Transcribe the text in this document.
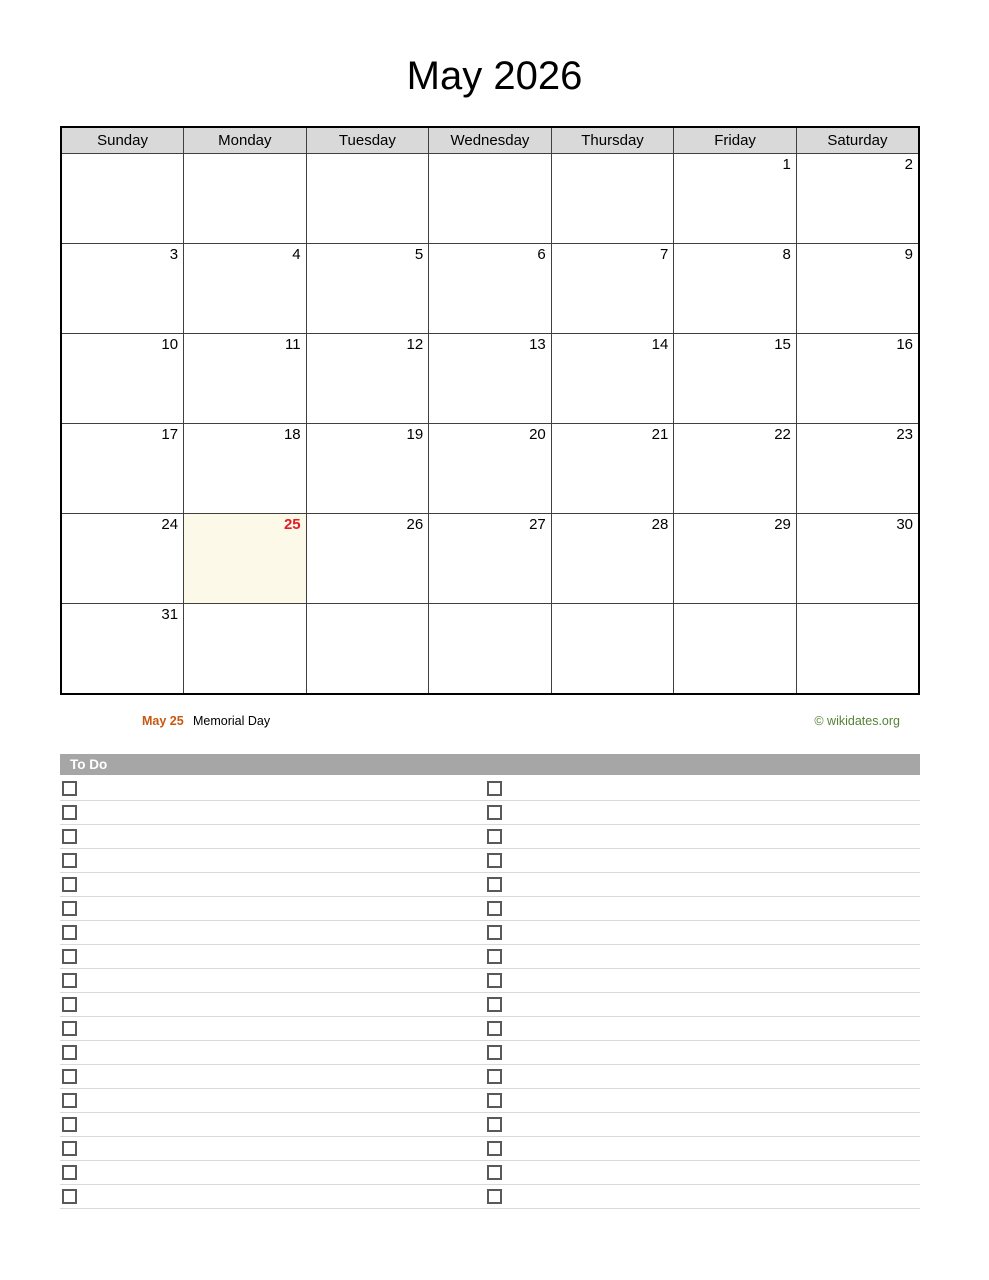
May 2026
Sunday	Monday	Tuesday	Wednesday	Thursday	Friday	Saturday
					1	2
3	4	5	6	7	8	9
10	11	12	13	14	15	16
17	18	19	20	21	22	23
24	25	26	27	28	29	30
31						
May 25 Memorial Day	© wikidates.org
To Do
